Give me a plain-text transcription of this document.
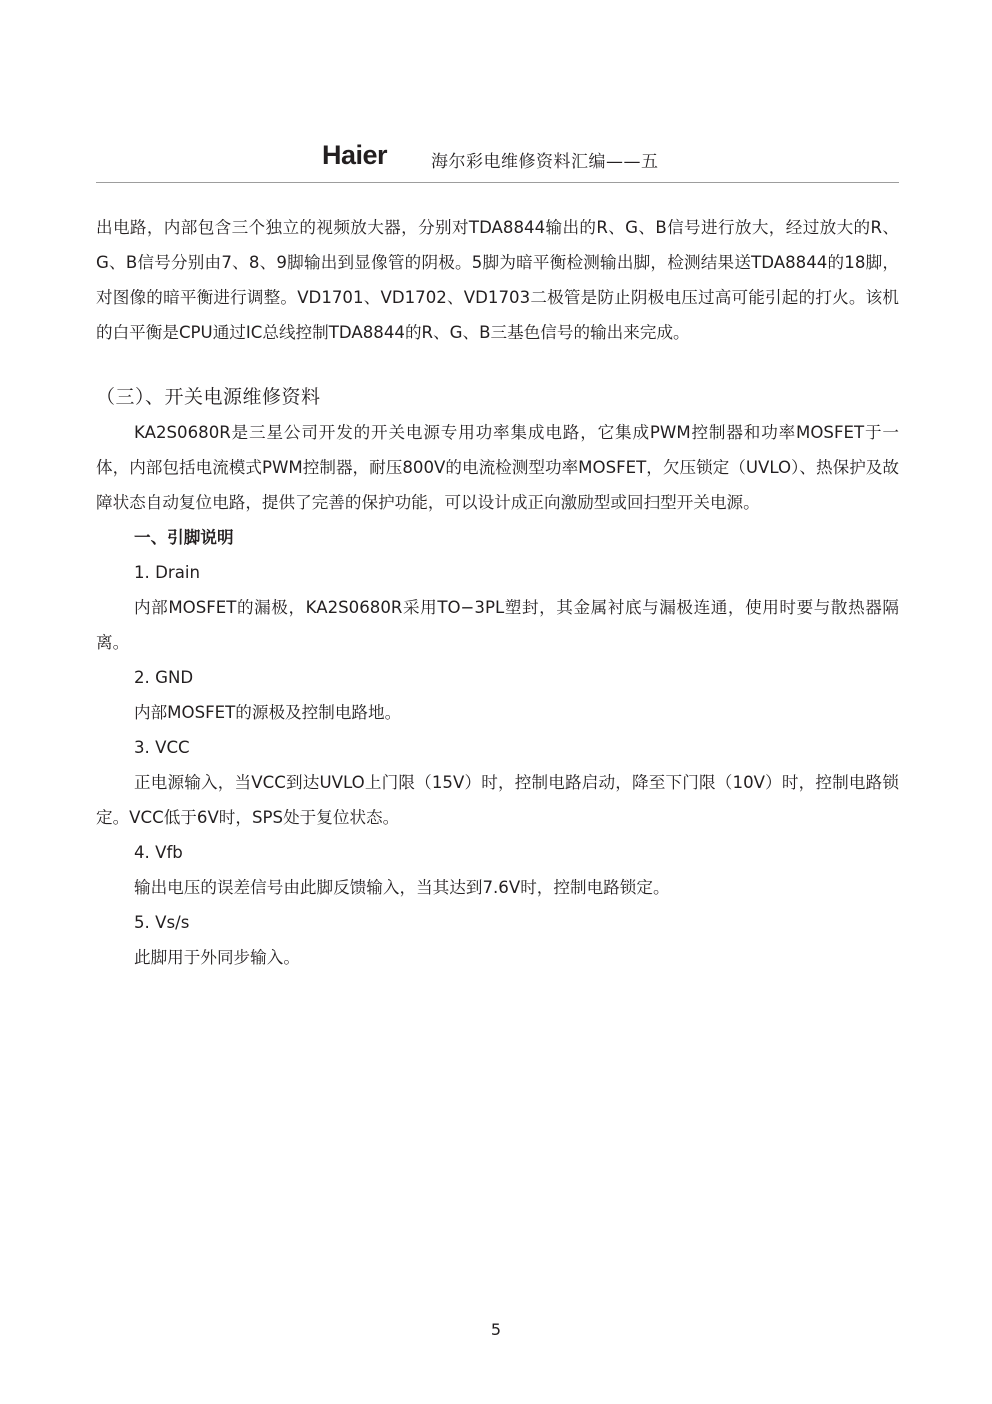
Haier	海尔彩电维修资料汇编——五

出电路，内部包含三个独立的视频放大器，分别对TDA8844输出的R、G、B信号进行放大，经过放大的R、G、B信号分别由7、8、9脚输出到显像管的阴极。5脚为暗平衡检测输出脚，检测结果送TDA8844的18脚，对图像的暗平衡进行调整。VD1701、VD1702、VD1703二极管是防止阴极电压过高可能引起的打火。该机的白平衡是CPU通过IC总线控制TDA8844的R、G、B三基色信号的输出来完成。

（三）、开关电源维修资料

KA2S0680R是三星公司开发的开关电源专用功率集成电路，它集成PWM控制器和功率MOSFET于一体，内部包括电流模式PWM控制器，耐压800V的电流检测型功率MOSFET，欠压锁定（UVLO）、热保护及故障状态自动复位电路，提供了完善的保护功能，可以设计成正向激励型或回扫型开关电源。

一、引脚说明

1. Drain

内部MOSFET的漏极，KA2S0680R采用TO−3PL塑封，其金属衬底与漏极连通，使用时要与散热器隔离。

2. GND

内部MOSFET的源极及控制电路地。

3. VCC

正电源输入，当VCC到达UVLO上门限（15V）时，控制电路启动，降至下门限（10V）时，控制电路锁定。VCC低于6V时，SPS处于复位状态。

4. Vfb

输出电压的误差信号由此脚反馈输入，当其达到7.6V时，控制电路锁定。

5. Vs/s

此脚用于外同步输入。

5
